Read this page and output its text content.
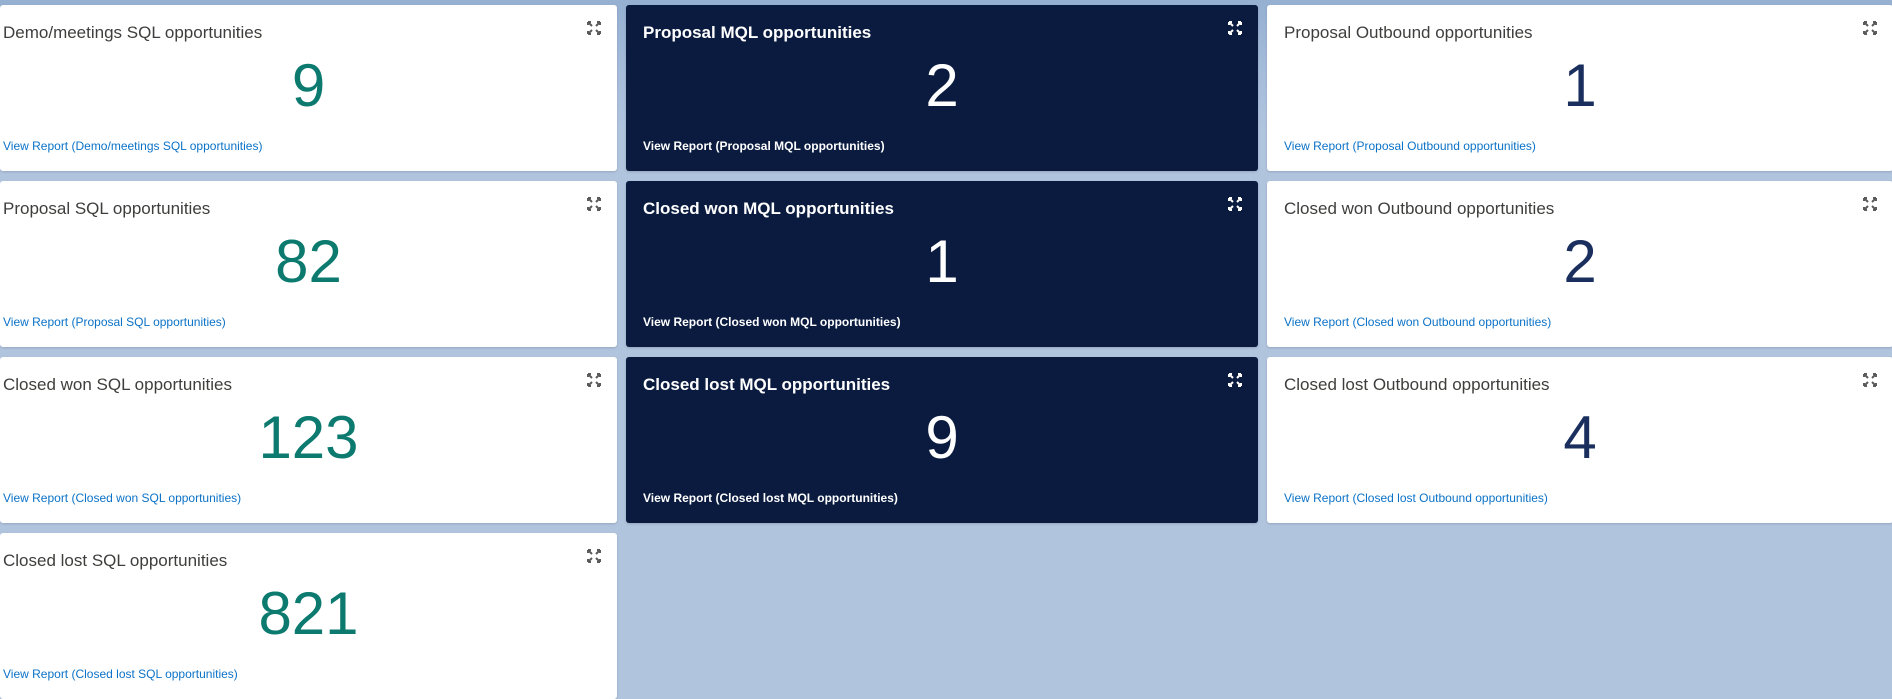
Demo/meetings SQL opportunities
9
View Report (Demo/meetings SQL opportunities)
Proposal MQL opportunities
2
View Report (Proposal MQL opportunities)
Proposal Outbound opportunities
1
View Report (Proposal Outbound opportunities)
Proposal SQL opportunities
82
View Report (Proposal SQL opportunities)
Closed won MQL opportunities
1
View Report (Closed won MQL opportunities)
Closed won Outbound opportunities
2
View Report (Closed won Outbound opportunities)
Closed won SQL opportunities
123
View Report (Closed won SQL opportunities)
Closed lost MQL opportunities
9
View Report (Closed lost MQL opportunities)
Closed lost Outbound opportunities
4
View Report (Closed lost Outbound opportunities)
Closed lost SQL opportunities
821
View Report (Closed lost SQL opportunities)
